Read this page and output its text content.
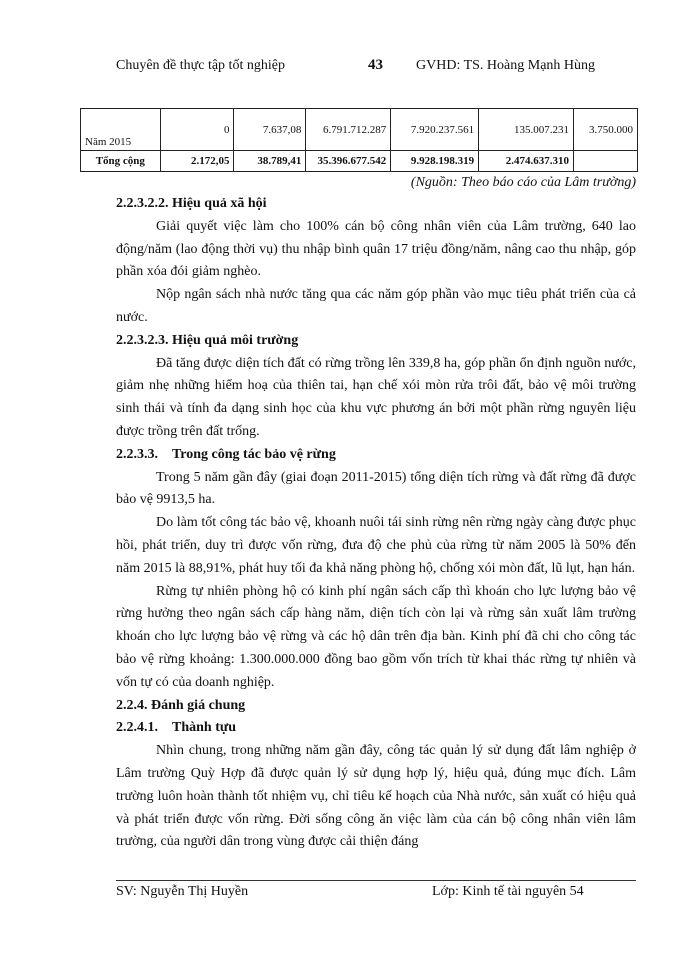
Chuyên đề thực tập tốt nghiệp	43 GVHD: TS. Hoàng Mạnh Hùng
Năm 2015	0	7.637,08	6.791.712.287	7.920.237.561	135.007.231	3.750.000
Tổng cộng	2.172,05	38.789,41	35.396.677.542	9.928.198.319	2.474.637.310	
(Nguồn: Theo báo cáo của Lâm trường)
2.2.3.2.2. Hiệu quả xã hội

Giải quyết việc làm cho 100% cán bộ công nhân viên của Lâm trường, 640 lao động/năm (lao động thời vụ) thu nhập bình quân 17 triệu đồng/năm, nâng cao thu nhập, góp phần xóa đói giảm nghèo.

Nộp ngân sách nhà nước tăng qua các năm góp phần vào mục tiêu phát triển của cả nước.

2.2.3.2.3. Hiệu quả môi trường

Đã tăng được diện tích đất có rừng trồng lên 339,8 ha, góp phần ổn định nguồn nước, giảm nhẹ những hiểm hoạ của thiên tai, hạn chế xói mòn rửa trôi đất, bảo vệ môi trường sinh thái và tính đa dạng sinh học của khu vực phương án bởi một phần rừng nguyên liệu được trồng trên đất trống.

2.2.3.3. Trong công tác bảo vệ rừng

Trong 5 năm gần đây (giai đoạn 2011-2015) tổng diện tích rừng và đất rừng đã được bảo vệ 9913,5 ha.

Do làm tốt công tác bảo vệ, khoanh nuôi tái sinh rừng nên rừng ngày càng được phục hồi, phát triển, duy trì được vốn rừng, đưa độ che phủ của rừng từ năm 2005 là 50% đến năm 2015 là 88,91%, phát huy tối đa khả năng phòng hộ, chống xói mòn đất, lũ lụt, hạn hán.

Rừng tự nhiên phòng hộ có kinh phí ngân sách cấp thì khoán cho lực lượng bảo vệ rừng hưởng theo ngân sách cấp hàng năm, diện tích còn lại và rừng sản xuất lâm trường khoán cho lực lượng bảo vệ rừng và các hộ dân trên địa bàn. Kinh phí đã chi cho công tác bảo vệ rừng khoảng: 1.300.000.000 đồng bao gồm vốn trích từ khai thác rừng tự nhiên và vốn tự có của doanh nghiệp.

2.2.4. Đánh giá chung
2.2.4.1. Thành tựu

Nhìn chung, trong những năm gần đây, công tác quản lý sử dụng đất lâm nghiệp ở Lâm trường Quỳ Hợp đã được quản lý sử dụng hợp lý, hiệu quả, đúng mục đích. Lâm trường luôn hoàn thành tốt nhiệm vụ, chỉ tiêu kế hoạch của Nhà nước, sản xuất có hiệu quả và phát triển được vốn rừng. Đời sống công ăn việc làm của cán bộ công nhân viên lâm trường, của người dân trong vùng được cải thiện đáng

SV: Nguyễn Thị Huyền	Lớp: Kinh tế tài nguyên 54
